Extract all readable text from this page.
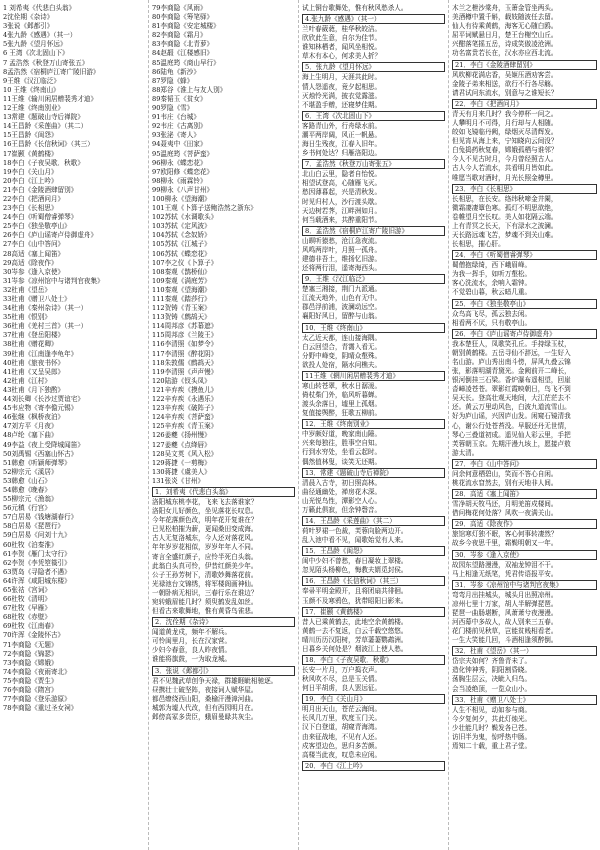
1 刘希夷《代悲白头翁》
2沈佺期《杂诗》
3张说《邺都引》
4张九龄《感遇》（其一）
5张九龄《望月怀远》
6 王湾《次北固山下》
7 孟浩然《秋登万山寄张五》
8孟浩然《宿桐庐江寄广陵旧游》
9王维《汉江临泛》
10 王维《终南山》
11王维《输川闲居赠裴秀才迪》
12王维《终南别业》
13常建《题破山寺后禅院》
14王昌龄《采莲曲》（其二）
15王昌龄《闺怨》
16王昌龄《长信秋词》（其三）
17崔颢《黄鹤楼》
18李白《子夜吴歌．秋歌》
19李白《关山月》
20李白《江上吟》
21李白《金陵酒肆留别》
22李白《把酒问月》
23李白《长相思》
24李白《听蜀僧睿弹琴》
25李白《独坐敬亭山》
26李白《庐山谣寄卢侍御虚舟》
27李白《山中答问》
28高适《塞上闻笛》
29高适《除夜作》
30岑参《逢入京使》
31岑参《凉州馆中与诸判官夜集》
32杜甫《望岳》
33杜甫《赠卫八处士》
34杜甫《秦州杂诗》（其一）
35杜甫《恨别》
36杜甫《羌村三首》（其一）
37杜甫《登岳阳楼》
38杜甫《赠花卿》
39杜甫《江南逢李龟年》
40杜甫《旅夜书怀》
41杜甫《又呈吴郎》
42杜甫《江村》
43杜甫《月下独酌》
44刘长卿《长沙过贾谊宅》
45韦应物《寄李儋元锡》
46张继《枫桥夜泊》
47刘方平《月夜》
48卢纶《塞下曲》
49李益《夜上受降城闻笛》
50刘禹锡《西塞山怀古》
51韩愈《听颖师弹琴》
52柳宗元《溪居》
53韩愈《山石》
54韩愈《晚春》
55柳宗元《渔翁》
56元稹《行宫》
57白居易《钱塘湖春行》
58白居易《琵琶行》
59白居易《问刘十九》
60杜牧《泊秦淮》
61李贺《雁门太守行》
62李贺《李凭箜篌引》
63贾岛《寻隐者不遇》
64许浑《咸阳城东楼》
65张祜《宫词》
66杜牧《清明》
67杜牧《早雁》
68杜牧《赤壁》
69杜牧《江南春》
70许浑《金陵怀古》
71李商隐《无题》
72李商隐《锦瑟》
73李商隐《嫦娥》
74李商隐《夜雨寄北》
75李商隐《贾生》
76李商隐《隋宫》
77李商隐《登乐游原》
78李商隐《重过圣女祠》
79李商隐《风雨》
80李商隐《筹笔驿》
81李商隐《安定城楼》
82李商隐《霜月》
83李商隐《北青萝》
84赵嘏《江楼感旧》
85温庭筠《商山早行》
86陆龟《新沙》
87罗隐《蜂》
88郑谷《淮上与友人别》
89秦韬玉《贫女》
90罗隐《雪》
91韦庄《台城》
92韦庄《古离别》
93张泌《寄人》
94聂夷中《田家》
95温庭筠《菩萨蛮》
96柳永《蝶恋花》
97欧阳修《蝶恋花》
98柳永《雨霖铃》
99柳永《八声甘州》
100柳永《望海潮》
101王观《卜算子送鲍浩然之浙东》
102苏轼《水调歌头》
103苏轼《定风波》
104苏轼《念奴娇》
105苏轼《江城子》
106苏轼《蝶恋花》
107李之仪《卜算子》
108秦观《鹊桥仙》
109秦观《满庭芳》
110秦观《望海潮》
111秦观《踏莎行》
112贺铸《青玉案》
113贺铸《鹧鸪天》
114周邦彦《苏幕遮》
115周邦彦《兰陵王》
116李清照《如梦令》
117李清照《醉花阴》
118朱敦儒《鹧鸪天》
119李清照《声声慢》
120陆游《钗头凤》
121辛弃疾《摸鱼儿》
122辛弃疾《永遇乐》
123辛弃疾《破阵子》
124辛弃疾《菩萨蛮》
125辛弃疾《青玉案》
126姜夔《扬州慢》
127姜夔《点绛唇》
128吴文英《风入松》
129蒋捷《一剪梅》
130蒋捷《虞美人》
131张炎《甘州》
1．刘希夷《代悲白头翁》
洛阳城东桃李花，飞来飞去落谁家？
洛阳女儿好颜色，坐见落花长叹息。
今年花落颜色改，明年花开复谁在？
已见松柏摧为薪，更闻桑田变成海。
古人无复洛城东，今人还对落花风。
年年岁岁花相似，岁岁年年人不同。
寄言全盛红颜子，应怜半死白头翁。
此翁白头真可怜，伊昔红颜美少年。
公子王孙芳树下，清歌妙舞落花前。
光禄池台文锦绣，将军楼阁画神仙。
一朝卧病无相识，三春行乐在谁边？
宛转蛾眉能几时？须臾鹤发乱如丝。
但看古来歌舞地，惟有黄昏鸟雀悲。
2．沈佺期《杂诗》
闻道黄龙戍，频年不解兵。
可怜闺里月，长在汉家营。
少妇今春意，良人昨夜情。
谁能将旗鼓，一为取龙城。
3．张说《邺都引》
君不见魏武草创争天禄，群雄睚眦相驰逐。
昼携壮士破坚阵，夜接词人赋华屋。
都邑缭绕西山阳，桑榆汗漫漳河曲。
城郭为墟人代改，但有西园明月在。
邺傍高冢多贵臣，蛾眉曼睩共灰尘。
试上铜台歌舞处，惟有秋风愁杀人。
4.张九龄《感遇》（其一）
兰叶春葳蕤，桂华秋皎洁。
欣欣此生意，自尔为佳节。
谁知林栖者，闻风坐相悦。
草木有本心，何求美人折？
5．张九龄《望月怀远》
海上生明月，天涯共此时。
情人怨遥夜，竟夕起相思。
灭烛怜光满，披衣觉露滋。
不堪盈手赠，还寝梦佳期。
6．王湾《次北固山下》
客路青山外，行舟绿水前。
潮平两岸阔，风正一帆悬。
海日生残夜，江春入旧年。
乡书何处达？归雁洛阳边。
7．孟浩然《秋登万山寄张五》
北山白云里，隐者自怡悦。
相望试登高，心随雁飞灭。
愁因薄暮起，兴是清秋发。
时见归村人，沙行渡头歇。
天边树若荠，江畔洲如月。
何当载酒来，共醉重阳节。
8．孟浩然《宿桐庐江寄广陵旧游》
山暝听猿愁，沧江急夜流。
风鸣两岸叶，月照一孤舟。
建德非吾土，维扬忆旧游。
还将两行泪，遥寄海西头。
9．王维《汉江临泛》
楚塞三湘接，荆门九派通。
江流天地外，山色有无中。
郡邑浮前浦，波澜动远空。
襄阳好风日，留醉与山翁。
10．王维《终南山》
太乙近天都，连山接海隅。
白云回望合，青霭入看无。
分野中峰变，阴晴众壑殊。
欲投人处宿，隔水问樵夫。
11王维《辋川闲居赠裴秀才迪》
寒山转苍翠，秋水日潺湲。
倚杖柴门外，临风听暮蝉。
渡头余落日，墟里上孤烟。
复值接舆醉，狂歌五柳前。
12．王维《终南别业》
中岁颇好道，晚家南山陲。
兴来每独往，胜事空自知。
行到水穷处，坐看云起时。
偶然值林叟，谈笑无还期。
13．常建《题破山寺后禅院》
清晨入古寺，初日照高林。
曲径通幽处，禅房花木深。
山光悦鸟性，潭影空人心。
万籁此俱寂，但余钟磬音。
14．王昌龄《采莲曲》（其二）
荷叶罗裙一色裁，芙蓉向脸两边开。
乱入池中看不见，闻歌始觉有人来。
15．王昌龄《闺怨》
闺中少妇不曾愁，春日凝妆上翠楼。
忽见陌头杨柳色，悔教夫婿觅封侯。
16．王昌龄《长信秋词》（其三）
奉帚平明金殿开，且将团扇共徘徊。
玉颜不及寒鸦色，犹带昭阳日影来。
17．崔颢《黄鹤楼》
昔人已乘黄鹤去，此地空余黄鹤楼。
黄鹤一去不复返，白云千载空悠悠。
晴川历历汉阳树，芳草萋萋鹦鹉洲。
日暮乡关何处是？烟波江上使人愁。
18．李白《子夜吴歌．秋歌》
长安一片月，万户捣衣声。
秋风吹不尽，总是玉关情。
何日平胡虏，良人罢远征。
19．李白《关山月》
明月出天山，苍茫云海间。
长风几万里，吹度玉门关。
汉下白登道，胡窥青海湾。
由来征战地，不见有人还。
戍客望边色，思归多苦颜。
高楼当此夜，叹息未应闲。
20．李白《江上吟》
木兰之枻沙棠舟，玉箫金管坐两头。
美酒樽中置千斛，载妓随波任去留。
仙人有待乘黄鹤，海客无心随白鸥。
屈平词赋悬日月，楚王台榭空山丘。
兴酣落笔摇五岳，诗成笑傲凌沧洲。
功名富贵若长在，汉水亦应西北流。
21．李白《金陵酒肆留别》
风吹柳花满店香，吴姬压酒劝客尝。
金陵子弟来相送，欲行不行各尽觞。
请君试问东流水，别意与之谁短长？
22．李白《把酒问月》
青天有月来几时？我今停杯一问之。
人攀明月不可得，月行却与人相随。
皎如飞镜临丹阙，绿烟灭尽清辉发。
但见宵从海上来，宁知晓向云间没？
白兔捣药秋复春，嫦娥孤栖与谁邻？
今人不见古时月，今月曾经照古人。
古人今人若流水，共看明月皆如此。
唯愿当歌对酒时，月光长照金樽里。
23．李白《长相思》
长相思，在长安。络纬秋啼金井阑，
微霜凄凄簟色寒。孤灯不明思欲绝，
卷帷望月空长叹。美人如花隔云端。
上有青冥之长天，下有渌水之波澜。
天长路远魂飞苦，梦魂不到关山难。
长相思，摧心肝。
24．李白《听蜀僧睿弹琴》
蜀僧抱绿绮，西下峨眉峰。
为我一挥手，如听万壑松。
客心洗流水，余响入霜钟。
不觉碧山暮，秋云暗几重。
25．李白《独坐敬亭山》
众鸟高飞尽，孤云独去闲。
相看两不厌，只有敬亭山。
26．李白《庐山谣寄卢侍御虚舟》
我本楚狂人，凤歌笑孔丘。手持绿玉杖，
朝别黄鹤楼。五岳寻仙不辞远，一生好入
名山游。庐山秀出南斗傍，屏风九叠云锦
张，影落明湖青黛光。金阙前开二峰长，
银河倒挂三石梁。香炉瀑布遥相望，回崖
沓嶂凌苍苍。翠影红霞映朝日，鸟飞不到
吴天长。登高壮观天地间，大江茫茫去不
还。黄云万里动风色，白波九道流雪山。
好为庐山谣，兴因庐山发。闲窥石镜清我
心，谢公行处苍苔没。早服还丹无世情，
琴心三叠道初成。遥见仙人彩云里，手把
芙蓉朝玉京。先期汗漫九垓上，愿接卢敖
游太清。
27．李白《山中答问》
问余何意栖碧山，笑而不答心自闲。
桃花流水窅然去，别有天地非人间。
28．高适《塞上闻笛》
雪净胡天牧马还，月明羌笛戍楼间。
借问梅花何处落？风吹一夜满关山。
29．高适《除夜作》
旅馆寒灯独不眠，客心何事转凄然？
故乡今夜思千里，霜鬓明朝又一年。
30．岑参《逢入京使》
故园东望路漫漫，双袖龙钟泪不干。
马上相逢无纸笔，凭君传语报平安。
31．岑参《凉州馆中与诸判官夜集》
弯弯月出挂城头，城头月出照凉州。
凉州七里十万家，胡人半解弹琵琶。
琵琶一曲肠堪断，风萧萧兮夜漫漫。
河西幕中多故人，故人别来三五春。
花门楼前见秋草，岂能贫贱相看老。
一生大笑能几回，斗酒相逢须醉倒。
32．杜甫《望岳》（其一）
岱宗夫如何？齐鲁青未了。
造化钟神秀，阴阳割昏晓。
荡胸生层云，决眦入归鸟。
会当凌绝顶，一览众山小。
33．杜甫《赠卫八处士》
人生不相见，动如参与商。
今夕复何夕，共此灯烛光。
少壮能几时？鬓发各已苍。
访旧半为鬼，惊呼热中肠。
焉知二十载，重上君子堂。
